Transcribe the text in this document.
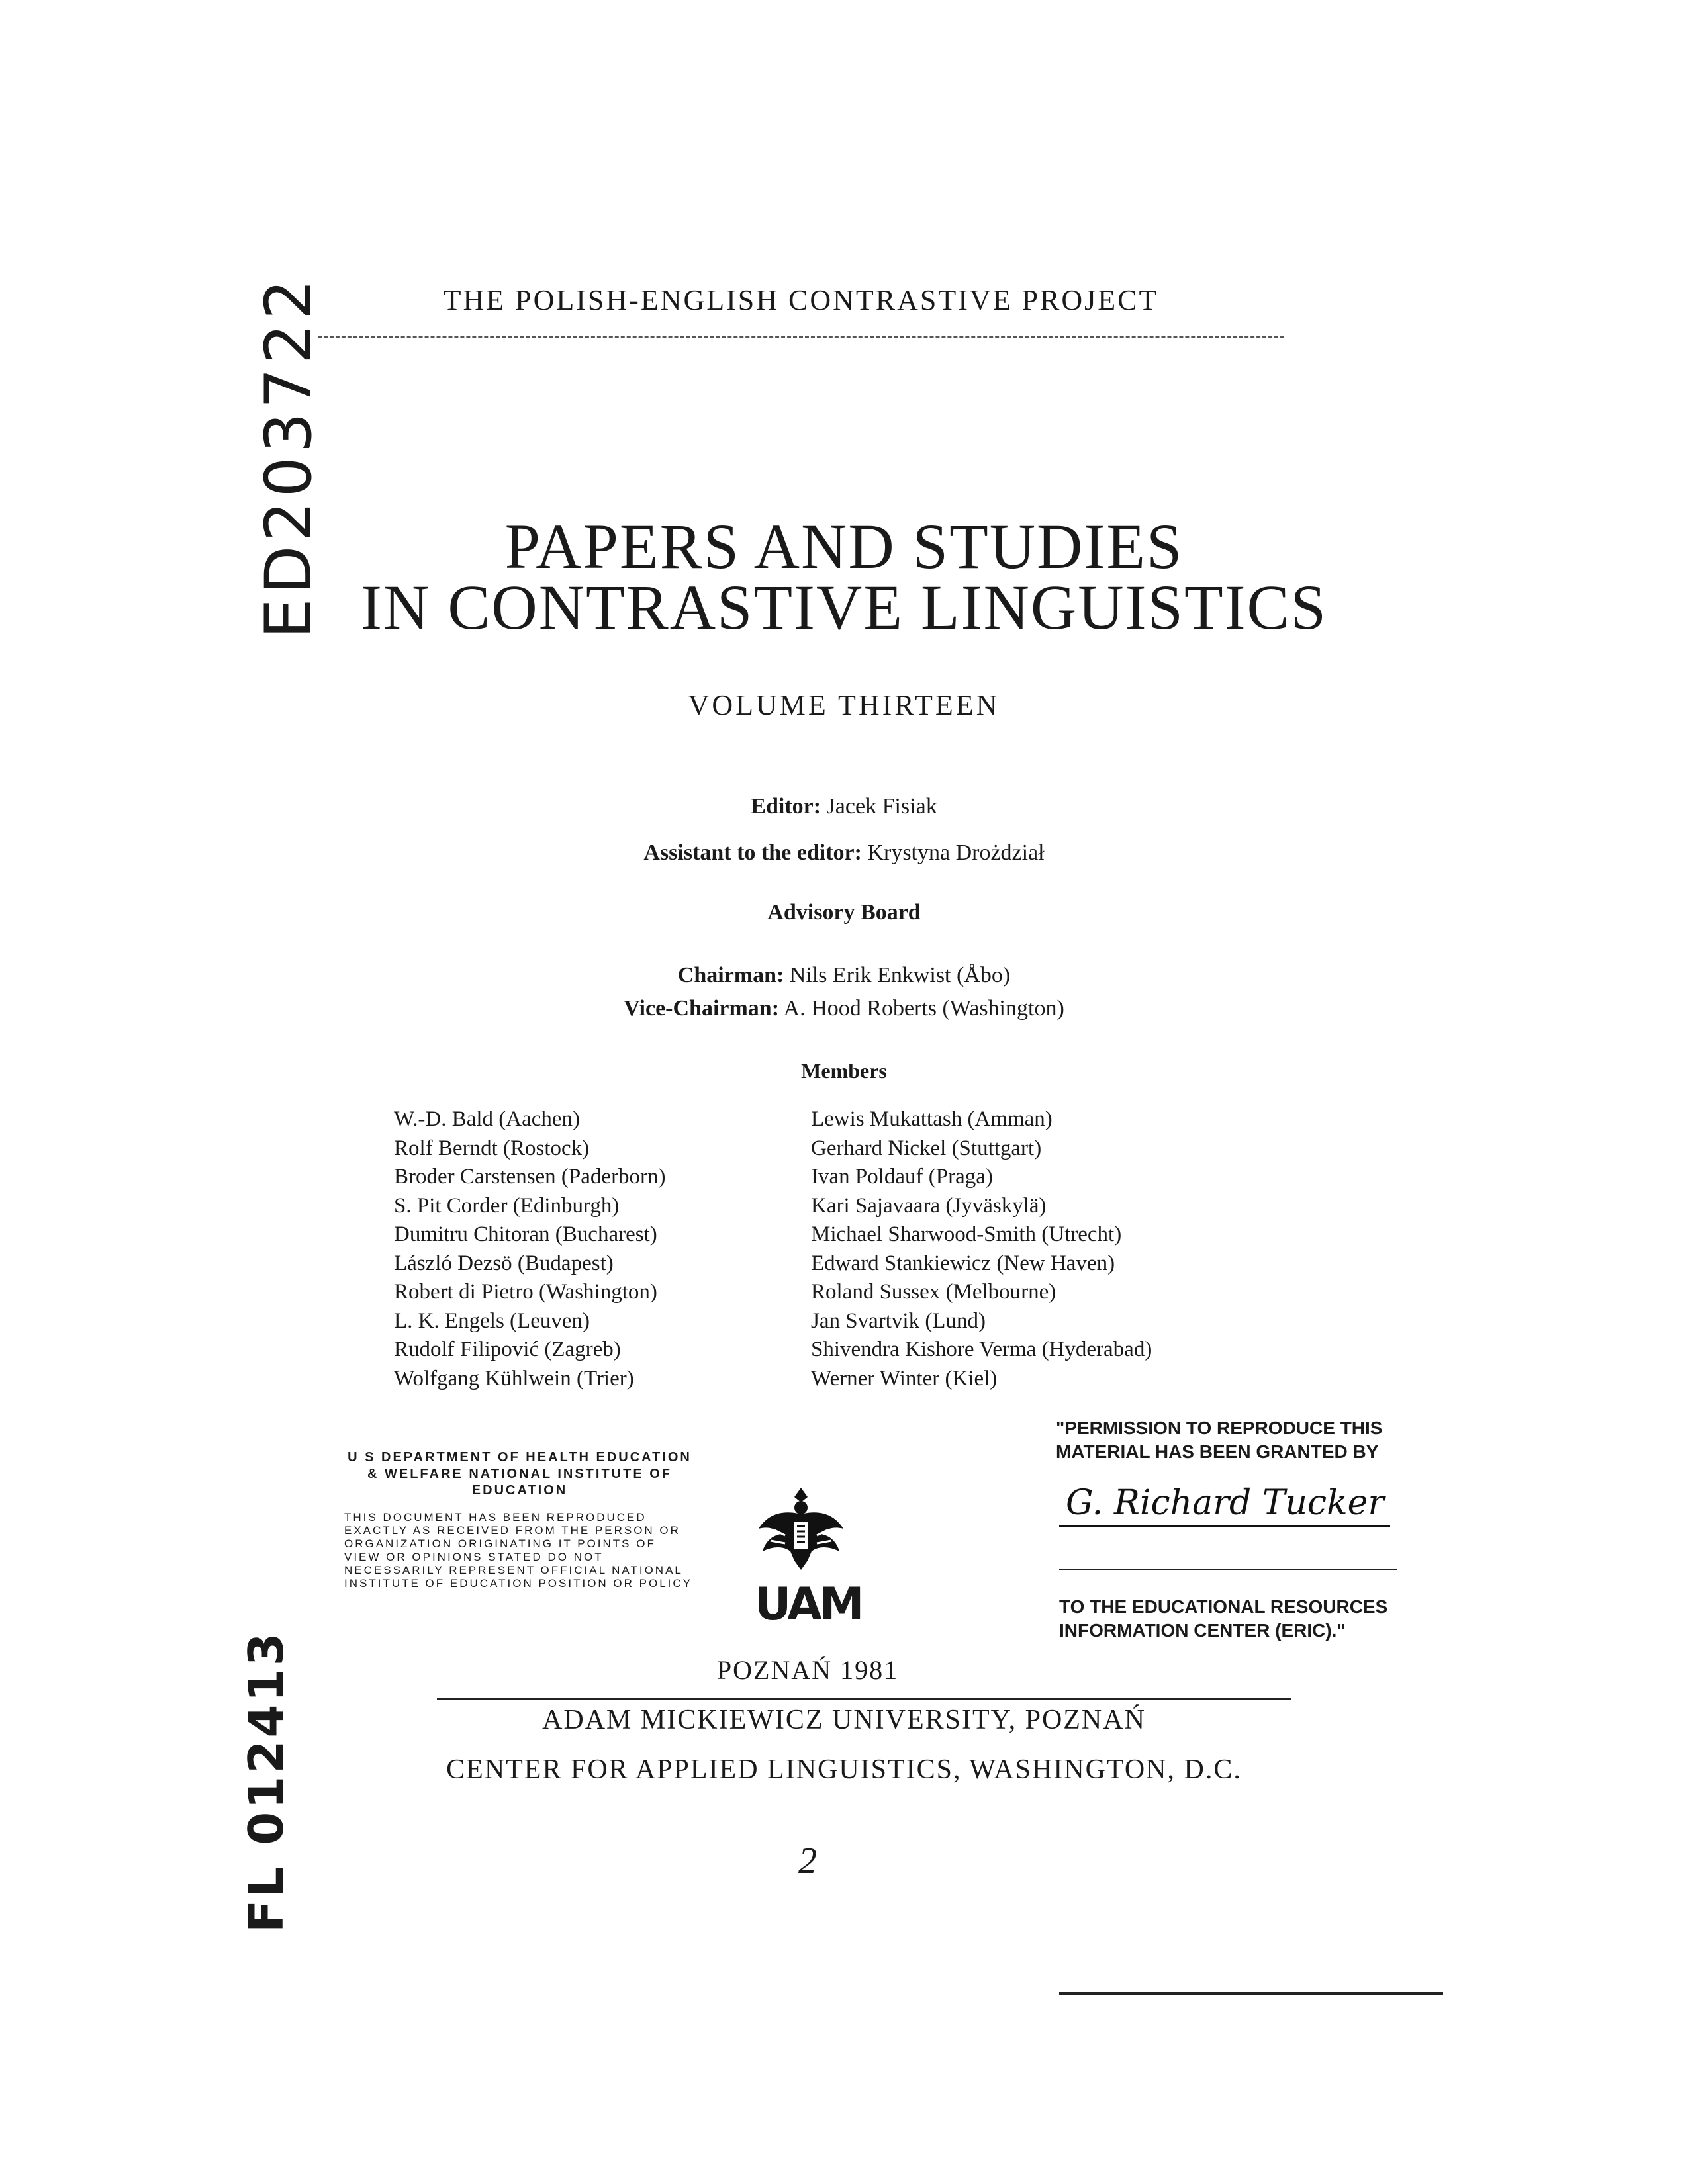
ED203722
FL 012413
THE POLISH-ENGLISH CONTRASTIVE PROJECT
PAPERS AND STUDIES
IN CONTRASTIVE LINGUISTICS
VOLUME THIRTEEN
Editor: Jacek Fisiak
Assistant to the editor: Krystyna Drożdział
Advisory Board
Chairman: Nils Erik Enkwist (Åbo)
Vice-Chairman: A. Hood Roberts (Washington)
Members
W.-D. Bald (Aachen)
Rolf Berndt (Rostock)
Broder Carstensen (Paderborn)
S. Pit Corder (Edinburgh)
Dumitru Chitoran (Bucharest)
László Dezsö (Budapest)
Robert di Pietro (Washington)
L. K. Engels (Leuven)
Rudolf Filipović (Zagreb)
Wolfgang Kühlwein (Trier)
Lewis Mukattash (Amman)
Gerhard Nickel (Stuttgart)
Ivan Poldauf (Praga)
Kari Sajavaara (Jyväskylä)
Michael Sharwood-Smith (Utrecht)
Edward Stankiewicz (New Haven)
Roland Sussex (Melbourne)
Jan Svartvik (Lund)
Shivendra Kishore Verma (Hyderabad)
Werner Winter (Kiel)
U S DEPARTMENT OF HEALTH EDUCATION & WELFARE NATIONAL INSTITUTE OF EDUCATION
THIS DOCUMENT HAS BEEN REPRODUCED EXACTLY AS RECEIVED FROM THE PERSON OR ORGANIZATION ORIGINATING IT POINTS OF VIEW OR OPINIONS STATED DO NOT NECESSARILY REPRESENT OFFICIAL NATIONAL INSTITUTE OF EDUCATION POSITION OR POLICY UAM
POZNAŃ 1981
"PERMISSION TO REPRODUCE THIS MATERIAL HAS BEEN GRANTED BY
G. Richard Tucker
TO THE EDUCATIONAL RESOURCES INFORMATION CENTER (ERIC)."
ADAM MICKIEWICZ UNIVERSITY, POZNAŃ
CENTER FOR APPLIED LINGUISTICS, WASHINGTON, D.C.
2
